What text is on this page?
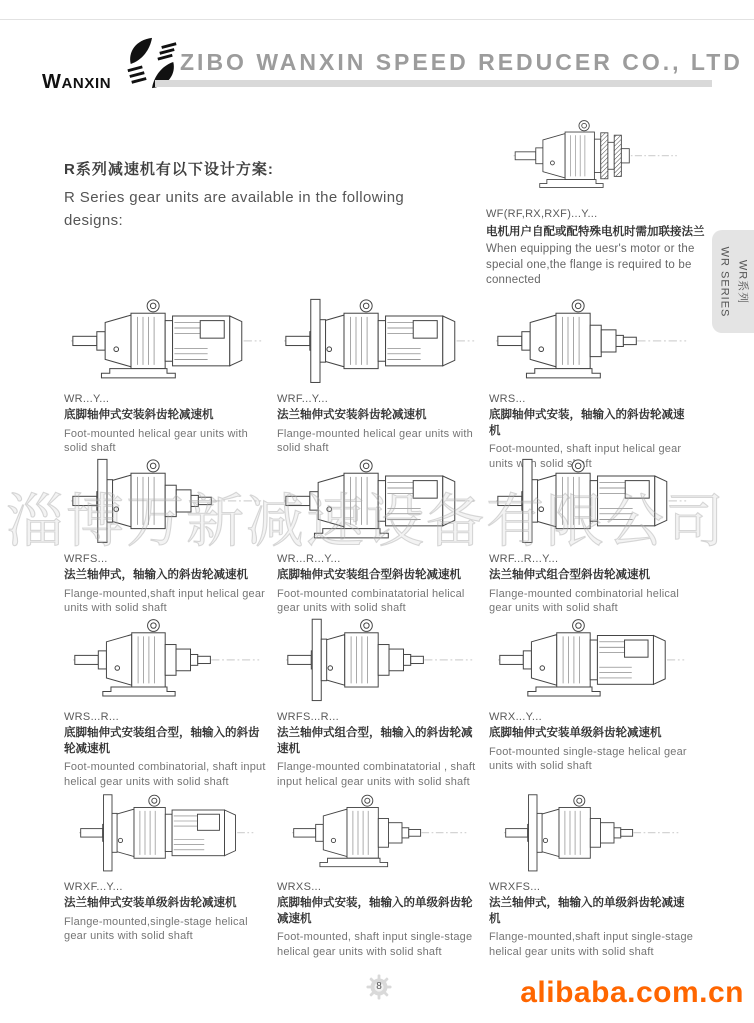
WANXIN
ZIBO WANXIN SPEED REDUCER CO., LTD
R系列减速机有以下设计方案:
R Series gear units are available in the following designs:	WF(RF,RX,RXF)...Y...
电机用户自配或配特殊电机时需加联接法兰
When equipping the uesr's motor or the special one,the flange is required to be connected	WR系列
WR SERIES
WR...Y...
底脚轴伸式安装斜齿轮减速机
Foot-mounted helical gear units with solid shaft
WRF...Y...
法兰轴伸式安装斜齿轮减速机
Flange-mounted helical gear units with solid shaft
WRS...
底脚轴伸式安装，轴输入的斜齿轮减速机
Foot-mounted, shaft input helical gear units with solid shaft
WRFS...
法兰轴伸式，轴输入的斜齿轮减速机
Flange-mounted,shaft input helical gear units with solid shaft
WR...R...Y...
底脚轴伸式安装组合型斜齿轮减速机
Foot-mounted combinatatorial helical gear units with solid shaft
WRF...R...Y...
法兰轴伸式组合型斜齿轮减速机
Flange-mounted combinatorial helical gear units with solid shaft
WRS...R...
底脚轴伸式安装组合型，轴输入的斜齿轮减速机
Foot-mounted combinatorial, shaft input helical gear units with solid shaft
WRFS...R...
法兰轴伸式组合型，轴输入的斜齿轮减速机
Flange-mounted combinatatorial , shaft input helical gear units with solid shaft
WRX...Y...
底脚轴伸式安装单级斜齿轮减速机
Foot-mounted single-stage helical gear units with solid shaft
WRXF...Y...
法兰轴伸式安装单级斜齿轮减速机
Flange-mounted,single-stage helical gear units with solid shaft
WRXS...
底脚轴伸式安装，轴输入的单级斜齿轮减速机
Foot-mounted, shaft input single-stage helical gear units with solid shaft
WRXFS...
法兰轴伸式，轴输入的单级斜齿轮减速机
Flange-mounted,shaft input single-stage helical gear units with solid shaft
8	alibaba.com.cn
